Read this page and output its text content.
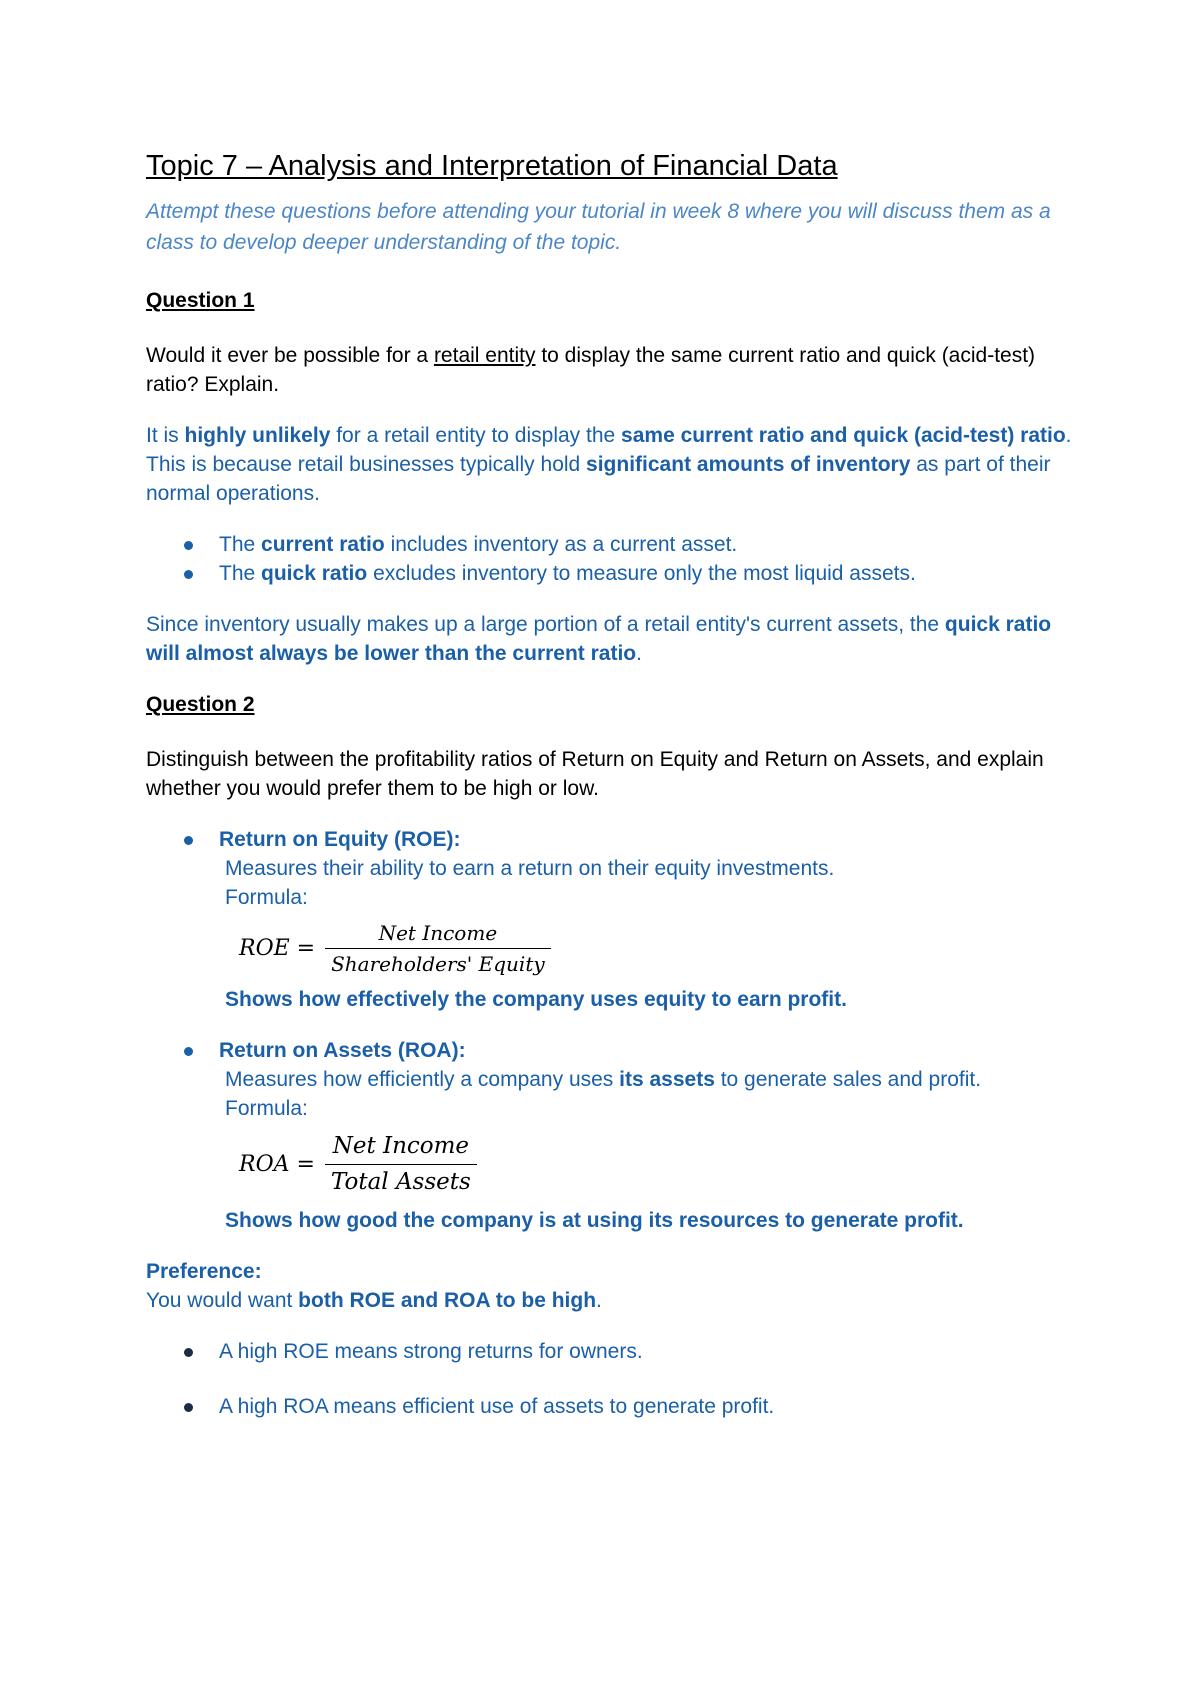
Topic 7 – Analysis and Interpretation of Financial Data

Attempt these questions before attending your tutorial in week 8 where you will discuss them as a class to develop deeper understanding of the topic.

Question 1

Would it ever be possible for a retail entity to display the same current ratio and quick (acid-test) ratio? Explain.

It is highly unlikely for a retail entity to display the same current ratio and quick (acid-test) ratio.

This is because retail businesses typically hold significant amounts of inventory as part of their normal operations.

The current ratio includes inventory as a current asset.
The quick ratio excludes inventory to measure only the most liquid assets.

Since inventory usually makes up a large portion of a retail entity's current assets, the quick ratio will almost always be lower than the current ratio.

Question 2

Distinguish between the profitability ratios of Return on Equity and Return on Assets, and explain whether you would prefer them to be high or low.

Return on Equity (ROE):

Measures their ability to earn a return on their equity investments.

Formula:

ROE = $\frac{\text{Net Income}}{\text{Shareholders' Equity}}$

Shows how effectively the company uses equity to earn profit.

Return on Assets (ROA):

Measures how efficiently a company uses its assets to generate sales and profit.

Formula:

ROA = $\frac{\text{Net Income}}{\text{Total Assets}}$

Shows how good the company is at using its resources to generate profit.

Preference:

You would want both ROE and ROA to be high.

A high ROE means strong returns for owners.
A high ROA means efficient use of assets to generate profit.
